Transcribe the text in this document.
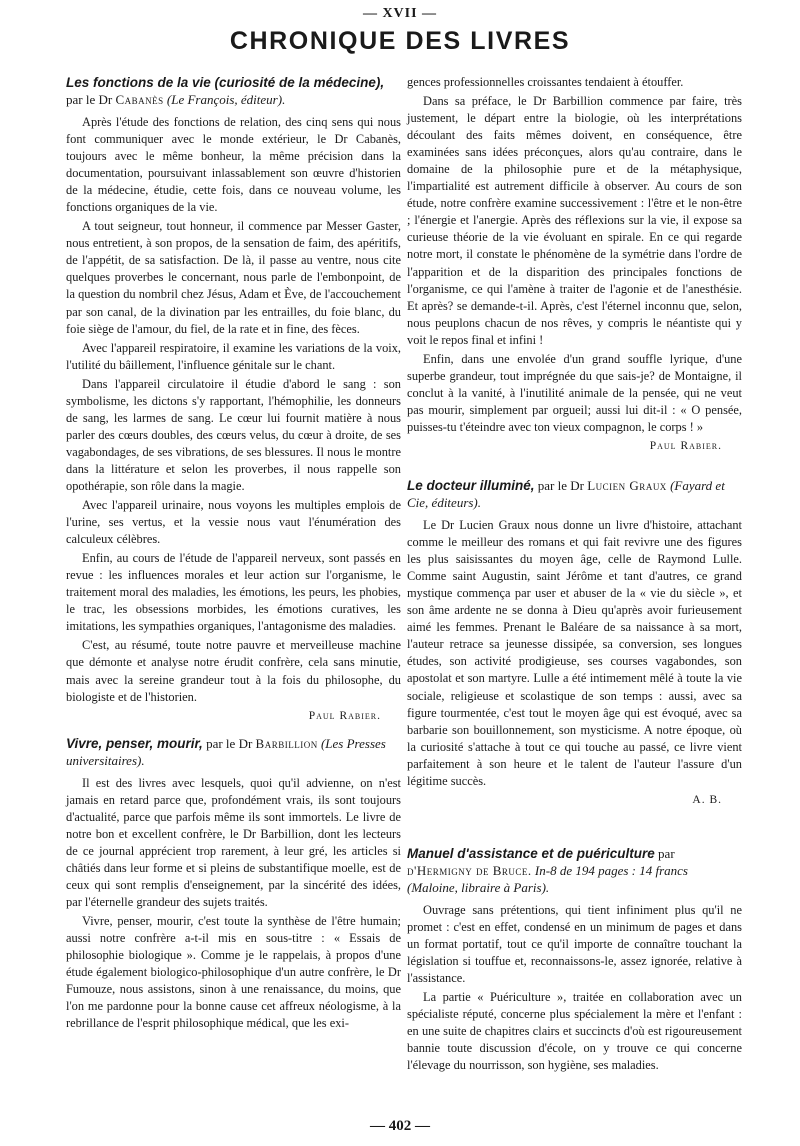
— XVII —
CHRONIQUE DES LIVRES
Les fonctions de la vie (curiosité de la médecine), par le Dr Cabanès (Le François, éditeur).

Après l'étude des fonctions de relation, des cinq sens qui nous font communiquer avec le monde extérieur, le Dr Cabanès, toujours avec le même bonheur, la même précision dans la documentation, poursuivant inlassablement son œuvre d'historien de la médecine, étudie, cette fois, dans ce nouveau volume, les fonctions organiques de la vie.

A tout seigneur, tout honneur, il commence par Messer Gaster, nous entretient, à son propos, de la sensation de faim, des apéritifs, de l'appétit, de sa satisfaction. De là, il passe au ventre, nous cite quelques proverbes le concernant, nous parle de l'embonpoint, de la question du nombril chez Jésus, Adam et Ève, de l'accouchement par son canal, de la divination par les entrailles, du foie blanc, du foie siège de l'amour, du fiel, de la rate et in fine, des fèces.

Avec l'appareil respiratoire, il examine les variations de la voix, l'utilité du bâillement, l'influence génitale sur le chant.

Dans l'appareil circulatoire il étudie d'abord le sang : son symbolisme, les dictons s'y rapportant, l'hémophilie, les donneurs de sang, les larmes de sang. Le cœur lui fournit matière à nous parler des cœurs doubles, des cœurs velus, du cœur à droite, de ses vagabondages, de ses vibrations, de ses blessures. Il nous le montre dans la littérature et selon les proverbes, il nous rappelle son opothérapie, son rôle dans la magie.

Avec l'appareil urinaire, nous voyons les multiples emplois de l'urine, ses vertus, et la vessie nous vaut l'énumération des calculeux célèbres.

Enfin, au cours de l'étude de l'appareil nerveux, sont passés en revue : les influences morales et leur action sur l'organisme, le traitement moral des maladies, les émotions, les peurs, les phobies, le trac, les obsessions morbides, les émotions curatives, les imitations, les sympathies organiques, l'antagonisme des maladies.

C'est, au résumé, toute notre pauvre et merveilleuse machine que démonte et analyse notre érudit confrère, cela sans minutie, mais avec la sereine grandeur tout à la fois du philosophe, du biologiste et de l'historien.

Paul Rabier.
Vivre, penser, mourir, par le Dr Barbillion (Les Presses universitaires).

Il est des livres avec lesquels, quoi qu'il advienne, on n'est jamais en retard parce que, profondément vrais, ils sont toujours d'actualité, parce que parfois même ils sont immortels. Le livre de notre bon et excellent confrère, le Dr Barbillion, dont les lecteurs de ce journal apprécient trop rarement, à leur gré, les articles si châtiés dans leur forme et si pleins de substantifique moelle, est de ceux qui sont remplis d'enseignement, par la sincérité des idées, par l'éternelle grandeur des sujets traités.

Vivre, penser, mourir, c'est toute la synthèse de l'être humain; aussi notre confrère a-t-il mis en sous-titre : « Essais de philosophie biologique ». Comme je le rappelais, à propos d'une étude également biologico-philosophique d'un autre confrère, le Dr Fumouze, nous assistons, sinon à une renaissance, du moins, que l'on me pardonne pour la bonne cause cet affreux néologisme, à la rebrillance de l'esprit philosophique médical, que les exi-

gences professionnelles croissantes tendaient à étouffer.

Dans sa préface, le Dr Barbillion commence par faire, très justement, le départ entre la biologie, où les interprétations découlant des faits mêmes doivent, en conséquence, être examinées sans idées préconçues, alors qu'au contraire, dans le domaine de la philosophie pure et de la métaphysique, l'impartialité est autrement difficile à observer. Au cours de son étude, notre confrère examine successivement : l'être et le non-être ; l'énergie et l'anergie. Après des réflexions sur la vie, il expose sa curieuse théorie de la vie évoluant en spirale. En ce qui regarde notre mort, il constate le phénomène de la symétrie dans l'ordre de l'apparition et de la disparition des principales fonctions de l'organisme, ce qui l'amène à traiter de l'agonie et de l'anesthésie. Et après? se demande-t-il. Après, c'est l'éternel inconnu que, selon, nous peuplons chacun de nos rêves, y compris le néantiste qui y voit le repos final et infini !

Enfin, dans une envolée d'un grand souffle lyrique, d'une superbe grandeur, tout imprégnée du que sais-je? de Montaigne, il conclut à la vanité, à l'inutilité animale de la pensée, qui ne veut pas mourir, simplement par orgueil; aussi lui dit-il : « O pensée, puisses-tu t'éteindre avec ton vieux compagnon, le corps ! »

Paul Rabier.
Le docteur illuminé, par le Dr Lucien Graux (Fayard et Cie, éditeurs).

Le Dr Lucien Graux nous donne un livre d'histoire, attachant comme le meilleur des romans et qui fait revivre une des figures les plus saisissantes du moyen âge, celle de Raymond Lulle. Comme saint Augustin, saint Jérôme et tant d'autres, ce grand mystique commença par user et abuser de la « vie du siècle », et son âme ardente ne se donna à Dieu qu'après avoir furieusement aimé les femmes. Prenant le Baléare de sa naissance à sa mort, l'auteur retrace sa jeunesse dissipée, sa conversion, ses longues études, son activité prodigieuse, ses courses vagabondes, son apostolat et son martyre. Lulle a été intimement mêlé à toute la vie sociale, religieuse et scolastique de son temps : aussi, avec sa figure tourmentée, c'est tout le moyen âge qui est évoqué, avec sa barbarie son bouillonnement, son mysticisme. A notre époque, où la curiosité s'attache à tout ce qui touche au passé, ce livre vient parfaitement à son heure et le talent de l'auteur l'assure d'un légitime succès.

A. B.
Manuel d'assistance et de puériculture par d'Hermigny de Bruce. In-8 de 194 pages : 14 francs (Maloine, libraire à Paris).

Ouvrage sans prétentions, qui tient infiniment plus qu'il ne promet : c'est en effet, condensé en un minimum de pages et dans un format portatif, tout ce qu'il importe de connaître touchant la législation si touffue et, reconnaissons-le, assez ignorée, relative à l'assistance.

La partie « Puériculture », traitée en collaboration avec un spécialiste réputé, concerne plus spécialement la mère et l'enfant : en une suite de chapitres clairs et succincts d'où est rigoureusement bannie toute discussion d'école, on y trouve ce qui concerne l'élevage du nourrisson, son hygiène, ses maladies.

— 402 —
